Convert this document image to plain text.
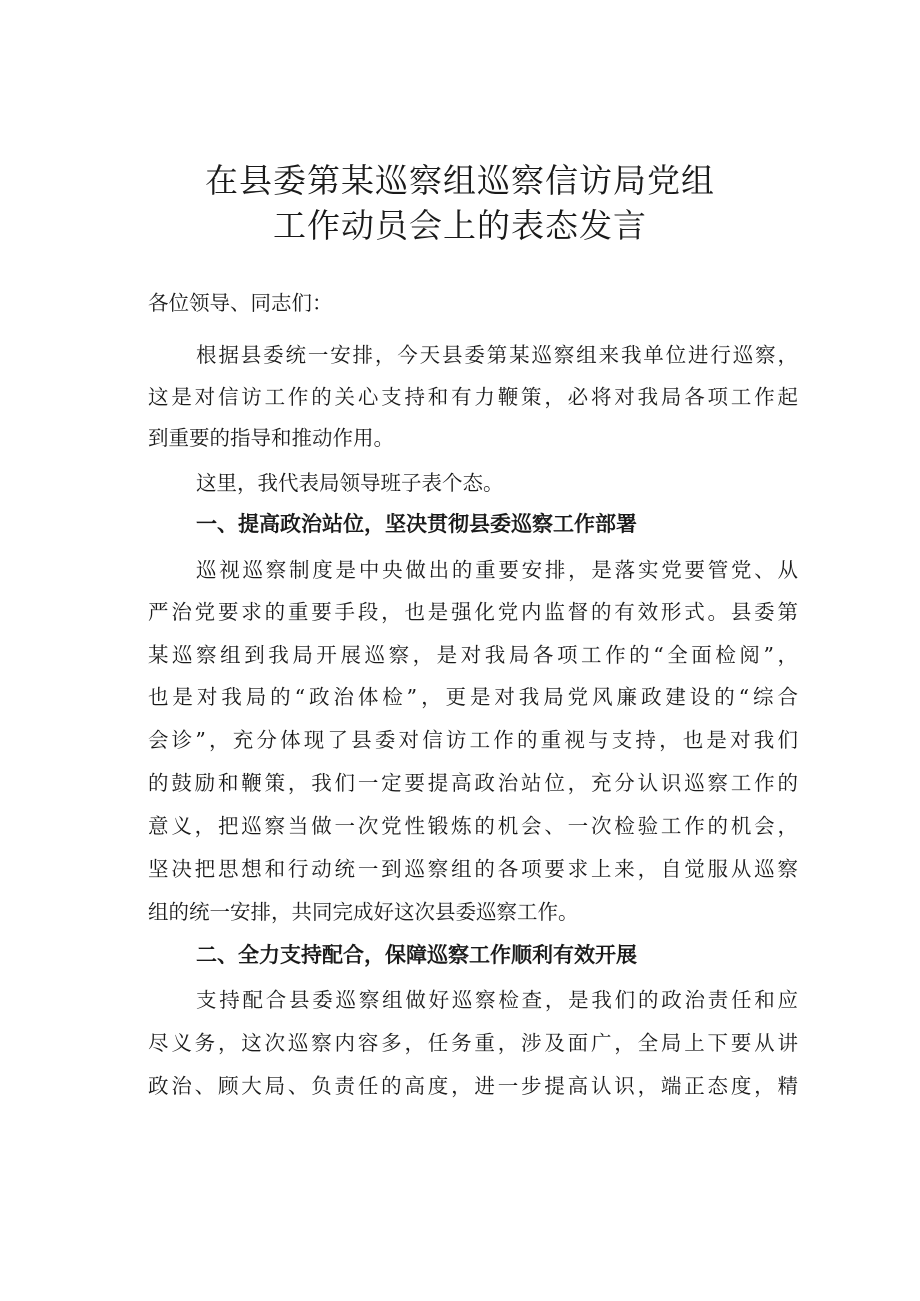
在县委第某巡察组巡察信访局党组
工作动员会上的表态发言

各位领导、同志们：

根据县委统一安排，今天县委第某巡察组来我单位进行巡察，

这是对信访工作的关心支持和有力鞭策，必将对我局各项工作起

到重要的指导和推动作用。

这里，我代表局领导班子表个态。

一、提高政治站位，坚决贯彻县委巡察工作部署

巡视巡察制度是中央做出的重要安排，是落实党要管党、从

严治党要求的重要手段，也是强化党内监督的有效形式。县委第

某巡察组到我局开展巡察，是对我局各项工作的“全面检阅”，

也是对我局的“政治体检”，更是对我局党风廉政建设的“综合

会诊”，充分体现了县委对信访工作的重视与支持，也是对我们

的鼓励和鞭策，我们一定要提高政治站位，充分认识巡察工作的

意义，把巡察当做一次党性锻炼的机会、一次检验工作的机会，

坚决把思想和行动统一到巡察组的各项要求上来，自觉服从巡察

组的统一安排，共同完成好这次县委巡察工作。

二、全力支持配合，保障巡察工作顺利有效开展

支持配合县委巡察组做好巡察检查，是我们的政治责任和应

尽义务，这次巡察内容多，任务重，涉及面广，全局上下要从讲

政治、顾大局、负责任的高度，进一步提高认识，端正态度，精
